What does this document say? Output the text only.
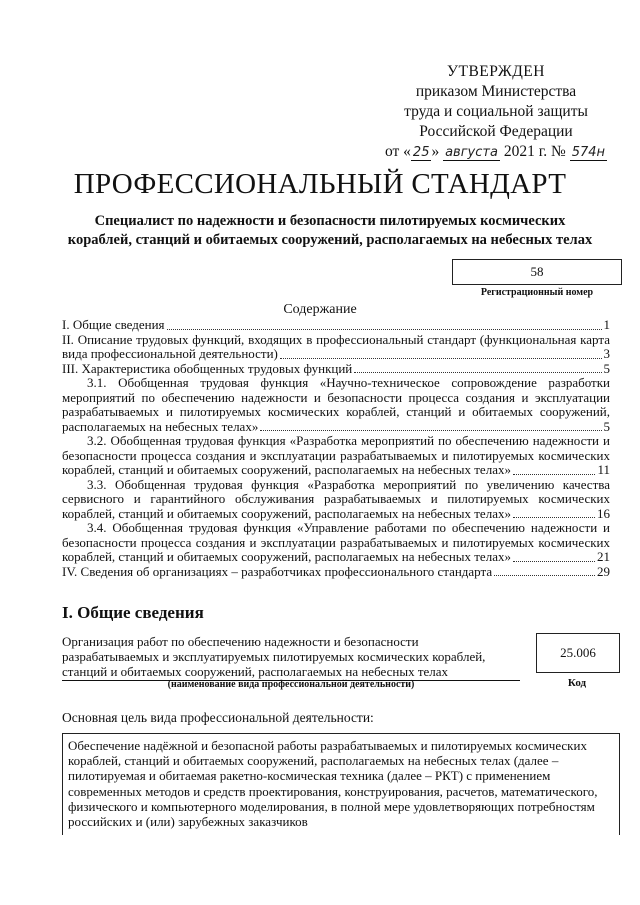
УТВЕРЖДЕН
приказом Министерства
труда и социальной защиты
Российской Федерации
от « 25 » августа 2021 г. № 574н
ПРОФЕССИОНАЛЬНЫЙ СТАНДАРТ
Специалист по надежности и безопасности пилотируемых космических
кораблей, станций и обитаемых сооружений, располагаемых на небесных телах
58
Регистрационный номер
Содержание
I. Общие сведения	1
II. Описание трудовых функций, входящих в профессиональный стандарт (функциональная карта
вида профессиональной деятельности)	3
III. Характеристика обобщенных трудовых функций	5
3.1. Обобщенная трудовая функция «Научно-техническое сопровождение разработки
мероприятий по обеспечению надежности и безопасности процесса создания и эксплуатации
разрабатываемых и пилотируемых космических кораблей, станций и обитаемых сооружений,
располагаемых на небесных телах»	5
3.2. Обобщенная трудовая функция «Разработка мероприятий по обеспечению надежности и
безопасности процесса создания и эксплуатации разрабатываемых и пилотируемых космических
кораблей, станций и обитаемых сооружений, располагаемых на небесных телах»	11
3.3. Обобщенная трудовая функция «Разработка мероприятий по увеличению качества
сервисного и гарантийного обслуживания разрабатываемых и пилотируемых космических
кораблей, станций и обитаемых сооружений, располагаемых на небесных телах»	16
3.4. Обобщенная трудовая функция «Управление работами по обеспечению надежности и
безопасности процесса создания и эксплуатации разрабатываемых и пилотируемых космических
кораблей, станций и обитаемых сооружений, располагаемых на небесных телах»	21
IV. Сведения об организациях – разработчиках профессионального стандарта	29
I. Общие сведения
Организация работ по обеспечению надежности и безопасности
разрабатываемых и эксплуатируемых пилотируемых космических кораблей,
станций и обитаемых сооружений, располагаемых на небесных телах
25.006
(наименование вида профессиональной деятельности)	Код
Основная цель вида профессиональной деятельности:
Обеспечение надёжной и безопасной работы разрабатываемых и пилотируемых космических
кораблей, станций и обитаемых сооружений, располагаемых на небесных телах (далее –
пилотируемая и обитаемая ракетно-космическая техника (далее – РКТ) с применением
современных методов и средств проектирования, конструирования, расчетов, математического,
физического и компьютерного моделирования, в полной мере удовлетворяющих потребностям
российских и (или) зарубежных заказчиков
